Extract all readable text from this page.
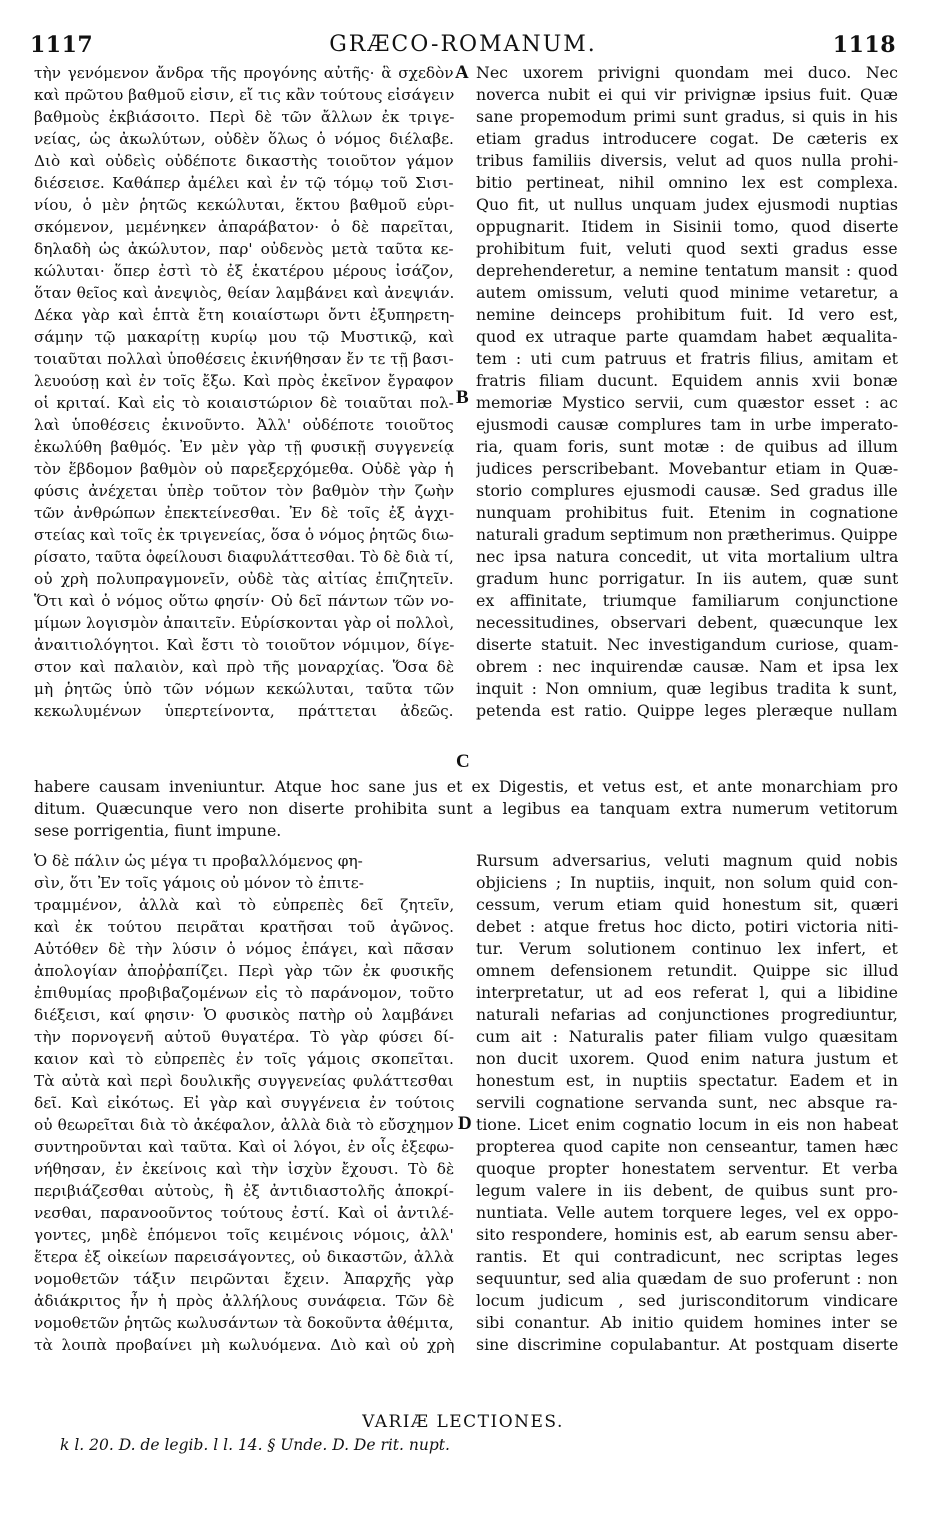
1117	GRÆCO-ROMANUM.	1118
τὴν γενόμενον ἄνδρα τῆς προγόνης αὐτῆς· ἃ σχεδὸν
καὶ πρῶτου βαθμοῦ εἰσιν, εἴ τις κἂν τούτους εἰσάγειν
βαθμοὺς ἐκβιάσοιτο. Περὶ δὲ τῶν ἄλλων ἐκ τριγε-
νείας, ὡς ἀκωλύτων, οὐδὲν ὅλως ὁ νόμος διέλαβε.
Διὸ καὶ οὐδεὶς οὐδέποτε δικαστὴς τοιοῦτον γάμον
διέσεισε. Καθάπερ ἀμέλει καὶ ἐν τῷ τόμῳ τοῦ Σισι-
νίου, ὁ μὲν ῥητῶς κεκώλυται, ἕκτου βαθμοῦ εὑρι-
σκόμενον, μεμένηκεν ἀπαράβατον· ὁ δὲ παρεῖται,
δηλαδὴ ὡς ἀκώλυτον, παρ' οὐδενὸς μετὰ ταῦτα κε-
κώλυται· ὅπερ ἐστὶ τὸ ἐξ ἑκατέρου μέρους ἰσάζον,
ὅταν θεῖος καὶ ἀνεψιὸς, θείαν λαμβάνει καὶ ἀνεψιάν.
Δέκα γὰρ καὶ ἑπτὰ ἔτη κοιαίστωρι ὄντι ἐξυπηρετη-
σάμην τῷ μακαρίτῃ κυρίῳ μου τῷ Μυστικῷ, καὶ
τοιαῦται πολλαὶ ὑποθέσεις ἐκινήθησαν ἔν τε τῇ βασι-
λευούσῃ καὶ ἐν τοῖς ἔξω. Καὶ πρὸς ἐκεῖνον ἔγραφον
οἱ κριταί. Καὶ εἰς τὸ κοιαιστώριον δὲ τοιαῦται πολ-
λαὶ ὑποθέσεις ἐκινοῦντο. Ἀλλ' οὐδέποτε τοιοῦτος
ἐκωλύθη βαθμός. Ἐν μὲν γὰρ τῇ φυσικῇ συγγενείᾳ
τὸν ἕβδομον βαθμὸν οὐ παρεξερχόμεθα. Οὐδὲ γὰρ ἡ
φύσις ἀνέχεται ὑπὲρ τοῦτον τὸν βαθμὸν τὴν ζωὴν
τῶν ἀνθρώπων ἐπεκτείνεσθαι. Ἐν δὲ τοῖς ἐξ ἀγχι-
στείας καὶ τοῖς ἐκ τριγενείας, ὅσα ὁ νόμος ῥητῶς διω-
ρίσατο, ταῦτα ὀφείλουσι διαφυλάττεσθαι. Τὸ δὲ διὰ τί,
οὐ χρὴ πολυπραγμονεῖν, οὐδὲ τὰς αἰτίας ἐπιζητεῖν.
Ὅτι καὶ ὁ νόμος οὕτω φησίν· Οὐ δεῖ πάντων τῶν νο-
μίμων λογισμὸν ἀπαιτεῖν. Εὑρίσκονται γὰρ οἱ πολλοὶ,
ἀναιτιολόγητοι. Καὶ ἔστι τὸ τοιοῦτον νόμιμον, δίγε-
στον καὶ παλαιὸν, καὶ πρὸ τῆς μοναρχίας. Ὅσα δὲ
μὴ ῥητῶς ὑπὸ τῶν νόμων κεκώλυται, ταῦτα τῶν
κεκωλυμένων ὑπερτείνοντα, πράττεται ἀδεῶς.
Nec uxorem privigni quondam mei duco. Nec
noverca nubit ei qui vir privignæ ipsius fuit. Quæ
sane propemodum primi sunt gradus, si quis in his
etiam gradus introducere cogat. De cæteris ex
tribus familiis diversis, velut ad quos nulla prohi-
bitio pertineat, nihil omnino lex est complexa.
Quo fit, ut nullus unquam judex ejusmodi nuptias
oppugnarit. Itidem in Sisinii tomo, quod diserte
prohibitum fuit, veluti quod sexti gradus esse
deprehenderetur, a nemine tentatum mansit : quod
autem omissum, veluti quod minime vetaretur, a
nemine deinceps prohibitum fuit. Id vero est,
quod ex utraque parte quamdam habet æqualita-
tem : uti cum patruus et fratris filius, amitam et
fratris filiam ducunt. Equidem annis xvii bonæ
memoriæ Mystico servii, cum quæstor esset : ac
ejusmodi causæ complures tam in urbe imperato-
ria, quam foris, sunt motæ : de quibus ad illum
judices perscribebant. Movebantur etiam in Quæ-
storio complures ejusmodi causæ. Sed gradus ille
nunquam prohibitus fuit. Etenim in cognatione
naturali gradum septimum non prætherimus. Quippe
nec ipsa natura concedit, ut vita mortalium ultra
gradum hunc porrigatur. In iis autem, quæ sunt
ex affinitate, triumque familiarum conjunctione
necessitudines, observari debent, quæcunque lex
diserte statuit. Nec investigandum curiose, quam-
obrem : nec inquirendæ causæ. Nam et ipsa lex
inquit : Non omnium, quæ legibus tradita k sunt,
petenda est ratio. Quippe leges pleræque nullam
habere causam inveniuntur. Atque hoc sane jus et ex Digestis, et vetus est, et ante monarchiam pro
ditum. Quæcunque vero non diserte prohibita sunt a legibus ea tanquam extra numerum vetitorum
sese porrigentia, fiunt impune.
Ὁ δὲ πάλιν ὡς μέγα τι προβαλλόμενος φη-
σὶν, ὅτι Ἐν τοῖς γάμοις οὐ μόνον τὸ ἐπιτε-
τραμμένον, ἀλλὰ καὶ τὸ εὐπρεπὲς δεῖ ζητεῖν,
καὶ ἐκ τούτου πειρᾶται κρατῆσαι τοῦ ἀγῶνος.
Αὐτόθεν δὲ τὴν λύσιν ὁ νόμος ἐπάγει, καὶ πᾶσαν
ἀπολογίαν ἀποῤῥαπίζει. Περὶ γὰρ τῶν ἐκ φυσικῆς
ἐπιθυμίας προβιβαζομένων εἰς τὸ παράνομον, τοῦτο
διέξεισι, καί φησιν· Ὁ φυσικὸς πατὴρ οὐ λαμβάνει
τὴν πορνογενῆ αὐτοῦ θυγατέρα. Τὸ γὰρ φύσει δί-
καιον καὶ τὸ εὐπρεπὲς ἐν τοῖς γάμοις σκοπεῖται.
Τὰ αὐτὰ καὶ περὶ δουλικῆς συγγενείας φυλάττεσθαι
δεῖ. Καὶ εἰκότως. Εἰ γὰρ καὶ συγγένεια ἐν τούτοις
οὐ θεωρεῖται διὰ τὸ ἀκέφαλον, ἀλλὰ διὰ τὸ εὔσχημον
συντηροῦνται καὶ ταῦτα. Καὶ οἱ λόγοι, ἐν οἷς ἐξεφω-
νήθησαν, ἐν ἐκείνοις καὶ τὴν ἰσχὺν ἔχουσι. Τὸ δὲ
περιβιάζεσθαι αὐτοὺς, ἢ ἐξ ἀντιδιαστολῆς ἀποκρί-
νεσθαι, παρανοοῦντος τούτους ἐστί. Καὶ οἱ ἀντιλέ-
γοντες, μηδὲ ἑπόμενοι τοῖς κειμένοις νόμοις, ἀλλ'
ἕτερα ἐξ οἰκείων παρεισάγοντες, οὐ δικαστῶν, ἀλλὰ
νομοθετῶν τάξιν πειρῶνται ἔχειν. Ἀπαρχῆς γὰρ
ἀδιάκριτος ἦν ἡ πρὸς ἀλλήλους συνάφεια. Τῶν δὲ
νομοθετῶν ῥητῶς κωλυσάντων τὰ δοκοῦντα ἀθέμιτα,
τὰ λοιπὰ προβαίνει μὴ κωλυόμενα. Διὸ καὶ οὐ χρὴ
Rursum adversarius, veluti magnum quid nobis
objiciens ; In nuptiis, inquit, non solum quid con-
cessum, verum etiam quid honestum sit, quæri
debet : atque fretus hoc dicto, potiri victoria niti-
tur. Verum solutionem continuo lex infert, et
omnem defensionem retundit. Quippe sic illud
interpretatur, ut ad eos referat l, qui a libidine
naturali nefarias ad conjunctiones progrediuntur,
cum ait : Naturalis pater filiam vulgo quæsitam
non ducit uxorem. Quod enim natura justum et
honestum est, in nuptiis spectatur. Eadem et in
servili cognatione servanda sunt, nec absque ra-
tione. Licet enim cognatio locum in eis non habeat
propterea quod capite non censeantur, tamen hæc
quoque propter honestatem serventur. Et verba
legum valere in iis debent, de quibus sunt pro-
nuntiata. Velle autem torquere leges, vel ex oppo-
sito respondere, hominis est, ab earum sensu aber-
rantis. Et qui contradicunt, nec scriptas leges
sequuntur, sed alia quædam de suo proferunt : non
locum judicum , sed jurisconditorum vindicare
sibi conantur. Ab initio quidem homines inter se
sine discrimine copulabantur. At postquam diserte
A
B
C
D
VARIÆ LECTIONES.
k l. 20. D. de legib. l l. 14. § Unde. D. De rit. nupt.
